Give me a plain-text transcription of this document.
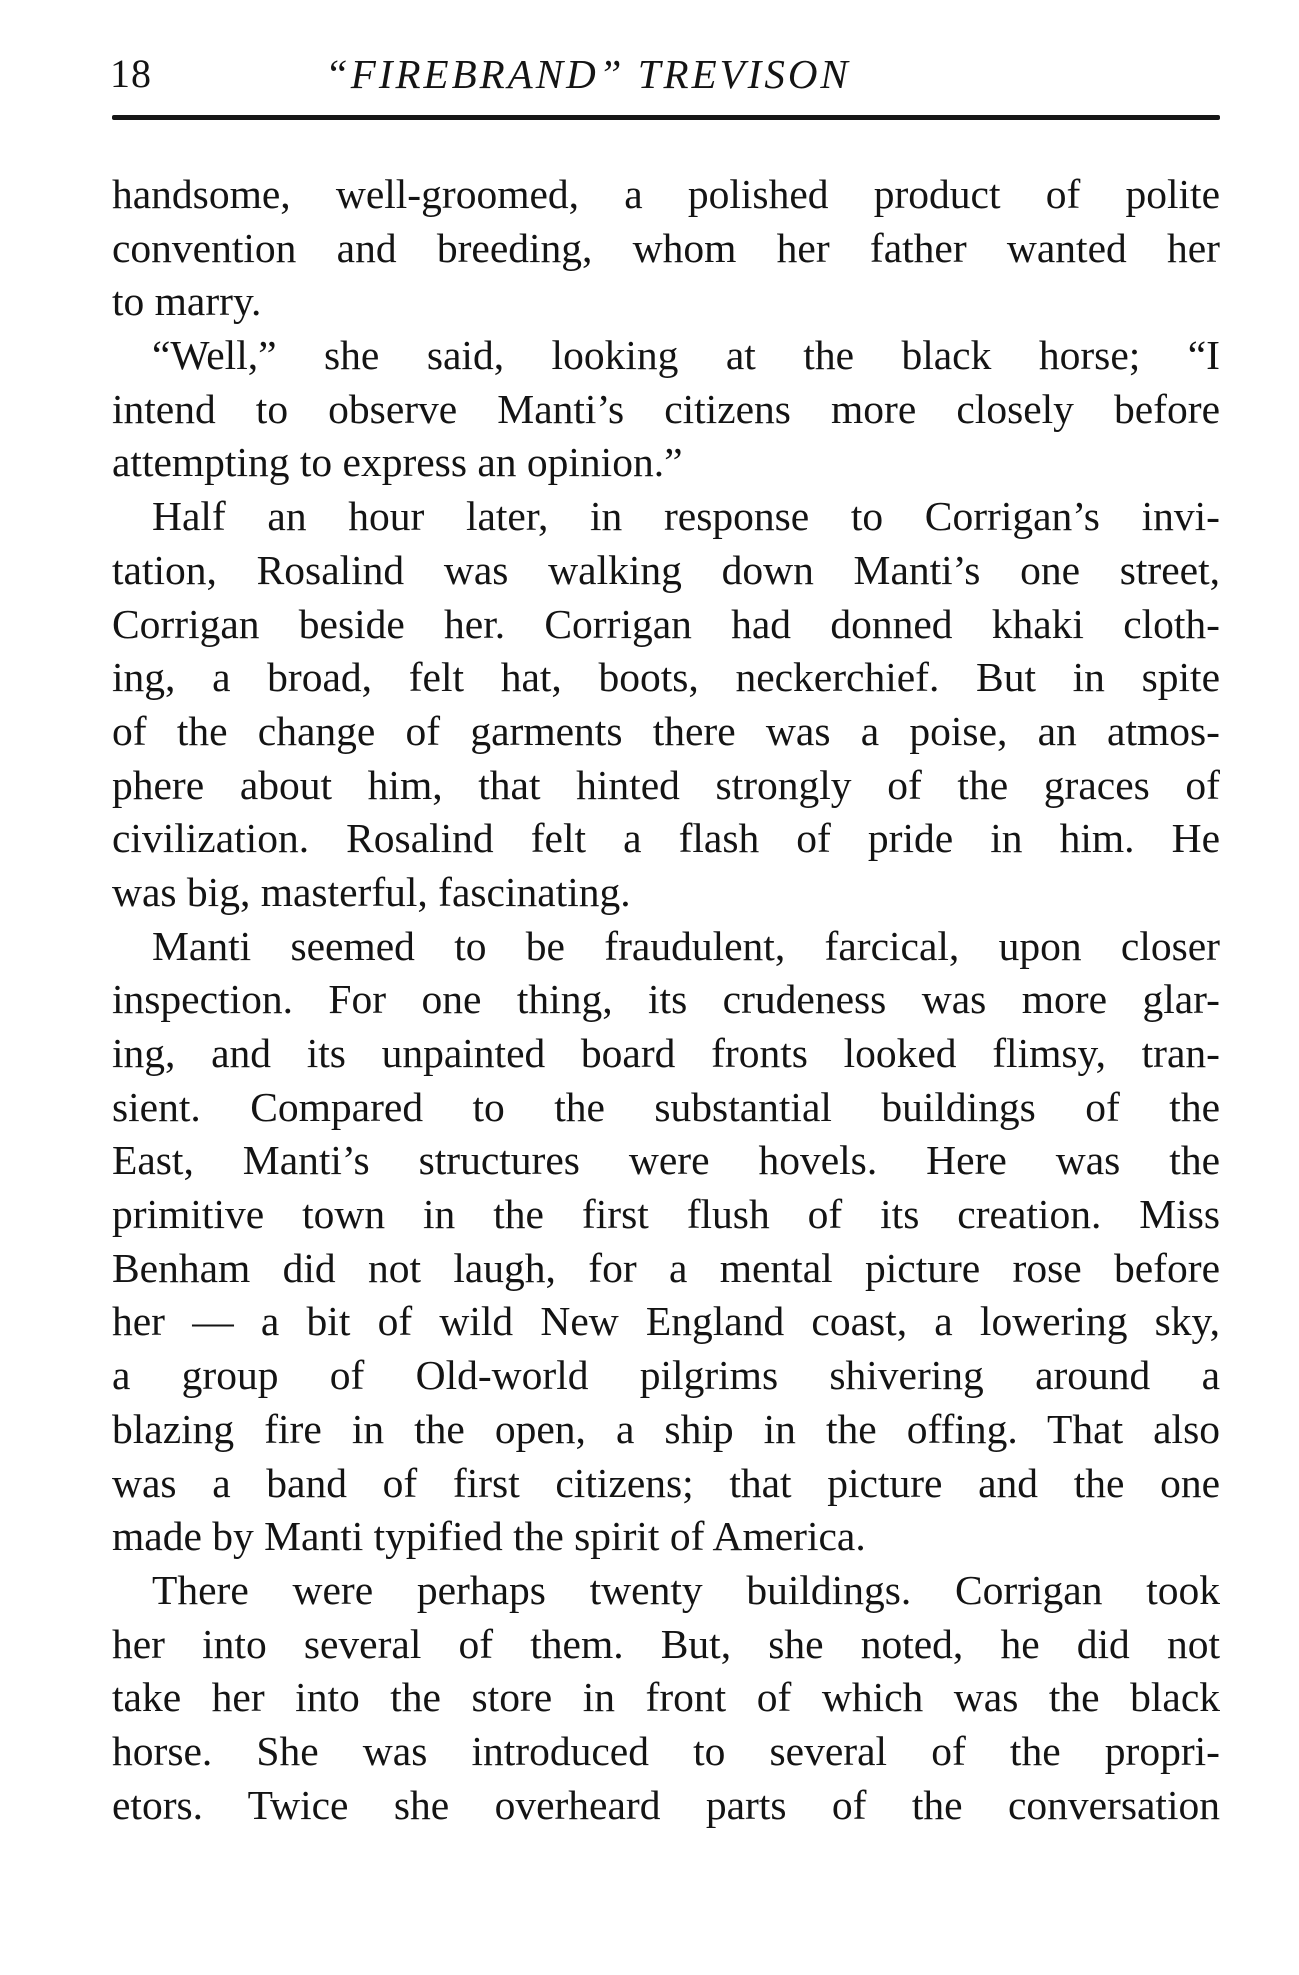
18	“FIREBRAND” TREVISON
handsome, well-groomed, a polished product of polite
convention and breeding, whom her father wanted her
to marry.
“Well,” she said, looking at the black horse; “I
intend to observe Manti’s citizens more closely before
attempting to express an opinion.”
Half an hour later, in response to Corrigan’s invi-
tation, Rosalind was walking down Manti’s one street,
Corrigan beside her. Corrigan had donned khaki cloth-
ing, a broad, felt hat, boots, neckerchief. But in spite
of the change of garments there was a poise, an atmos-
phere about him, that hinted strongly of the graces of
civilization. Rosalind felt a flash of pride in him. He
was big, masterful, fascinating.
Manti seemed to be fraudulent, farcical, upon closer
inspection. For one thing, its crudeness was more glar-
ing, and its unpainted board fronts looked flimsy, tran-
sient. Compared to the substantial buildings of the
East, Manti’s structures were hovels. Here was the
primitive town in the first flush of its creation. Miss
Benham did not laugh, for a mental picture rose before
her — a bit of wild New England coast, a lowering sky,
a group of Old-world pilgrims shivering around a
blazing fire in the open, a ship in the offing. That also
was a band of first citizens; that picture and the one
made by Manti typified the spirit of America.
There were perhaps twenty buildings. Corrigan took
her into several of them. But, she noted, he did not
take her into the store in front of which was the black
horse. She was introduced to several of the propri-
etors. Twice she overheard parts of the conversation
